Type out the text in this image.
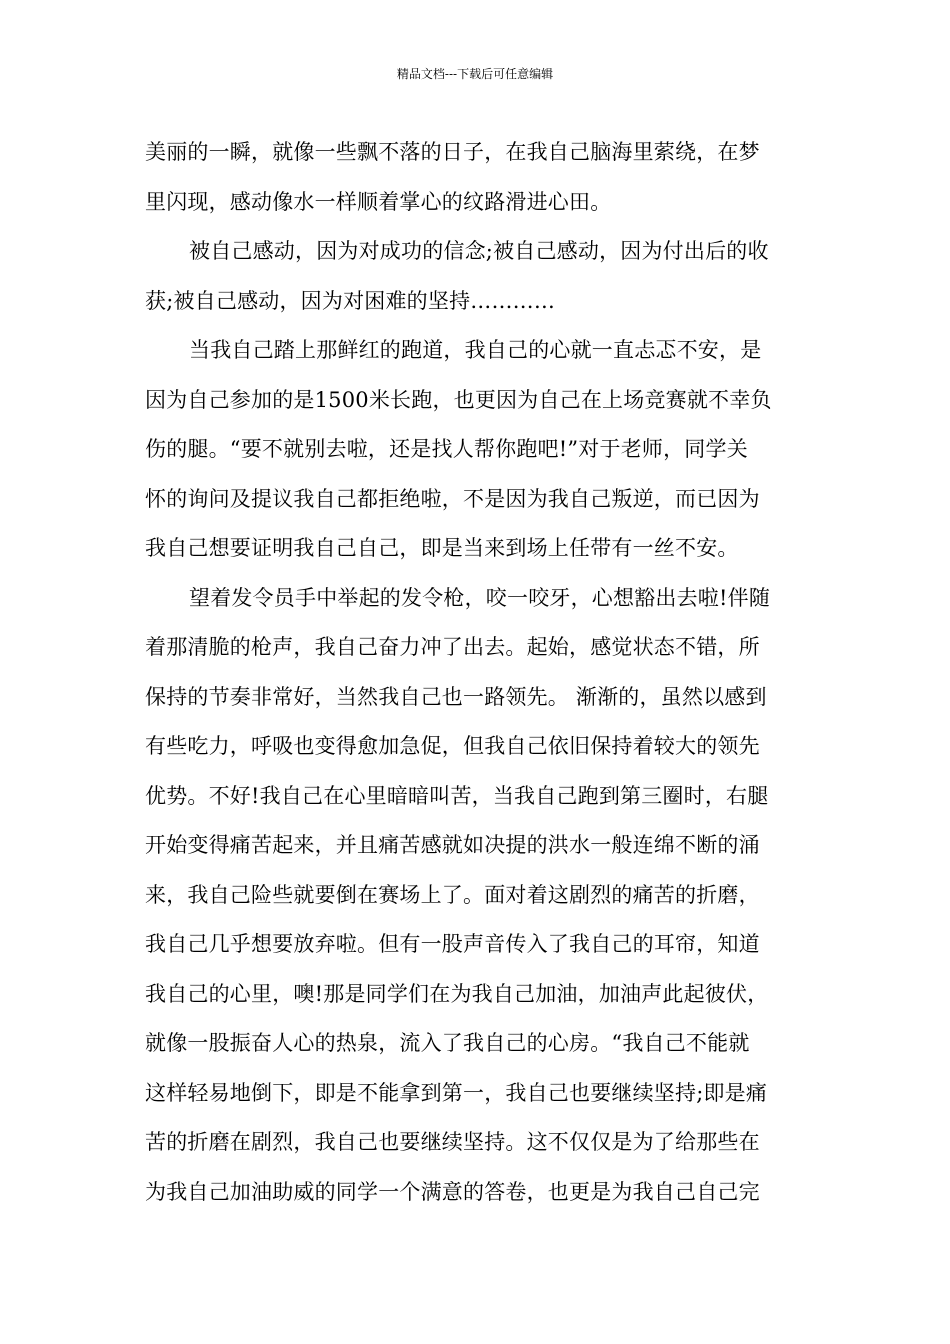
精品文档---下载后可任意编辑
美丽的一瞬，就像一些飘不落的日子，在我自己脑海里萦绕，在梦
里闪现，感动像水一样顺着掌心的纹路滑进心田。
被自己感动，因为对成功的信念;被自己感动，因为付出后的收
获;被自己感动，因为对困难的坚持…………
当我自己踏上那鲜红的跑道，我自己的心就一直忐忑不安，是
因为自己参加的是1500米长跑，也更因为自己在上场竞赛就不幸负
伤的腿。“要不就别去啦，还是找人帮你跑吧!”对于老师，同学关
怀的询问及提议我自己都拒绝啦，不是因为我自己叛逆，而已因为
我自己想要证明我自己自己，即是当来到场上任带有一丝不安。
望着发令员手中举起的发令枪，咬一咬牙，心想豁出去啦!伴随
着那清脆的枪声，我自己奋力冲了出去。起始，感觉状态不错，所
保持的节奏非常好，当然我自己也一路领先。 渐渐的，虽然以感到
有些吃力，呼吸也变得愈加急促，但我自己依旧保持着较大的领先
优势。不好!我自己在心里暗暗叫苦，当我自己跑到第三圈时，右腿
开始变得痛苦起来，并且痛苦感就如决提的洪水一般连绵不断的涌
来，我自己险些就要倒在赛场上了。面对着这剧烈的痛苦的折磨，
我自己几乎想要放弃啦。但有一股声音传入了我自己的耳帘，知道
我自己的心里，噢!那是同学们在为我自己加油，加油声此起彼伏，
就像一股振奋人心的热泉，流入了我自己的心房。“我自己不能就
这样轻易地倒下，即是不能拿到第一，我自己也要继续坚持;即是痛
苦的折磨在剧烈，我自己也要继续坚持。这不仅仅是为了给那些在
为我自己加油助威的同学一个满意的答卷，也更是为我自己自己完
